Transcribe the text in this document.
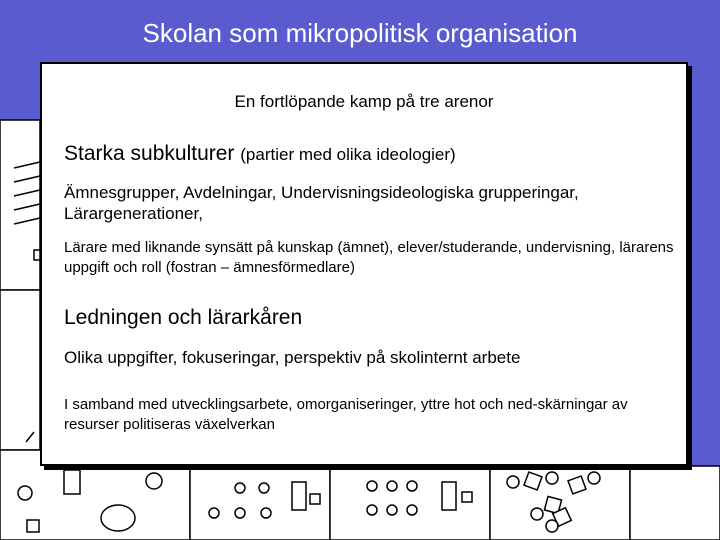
Skolan som mikropolitisk organisation
En fortlöpande kamp på tre arenor
Starka subkulturer (partier med olika ideologier)
Ämnesgrupper, Avdelningar, Undervisningsideologiska grupperingar, Lärargenerationer,
Lärare med liknande synsätt på kunskap (ämnet), elever/studerande, undervisning, lärarens uppgift och roll (fostran – ämnesförmedlare)
Ledningen och lärarkåren
Olika uppgifter, fokuseringar, perspektiv på skolinternt arbete
I samband med utvecklingsarbete, omorganiseringer, yttre hot och ned-skärningar av resurser politiseras växelverkan
